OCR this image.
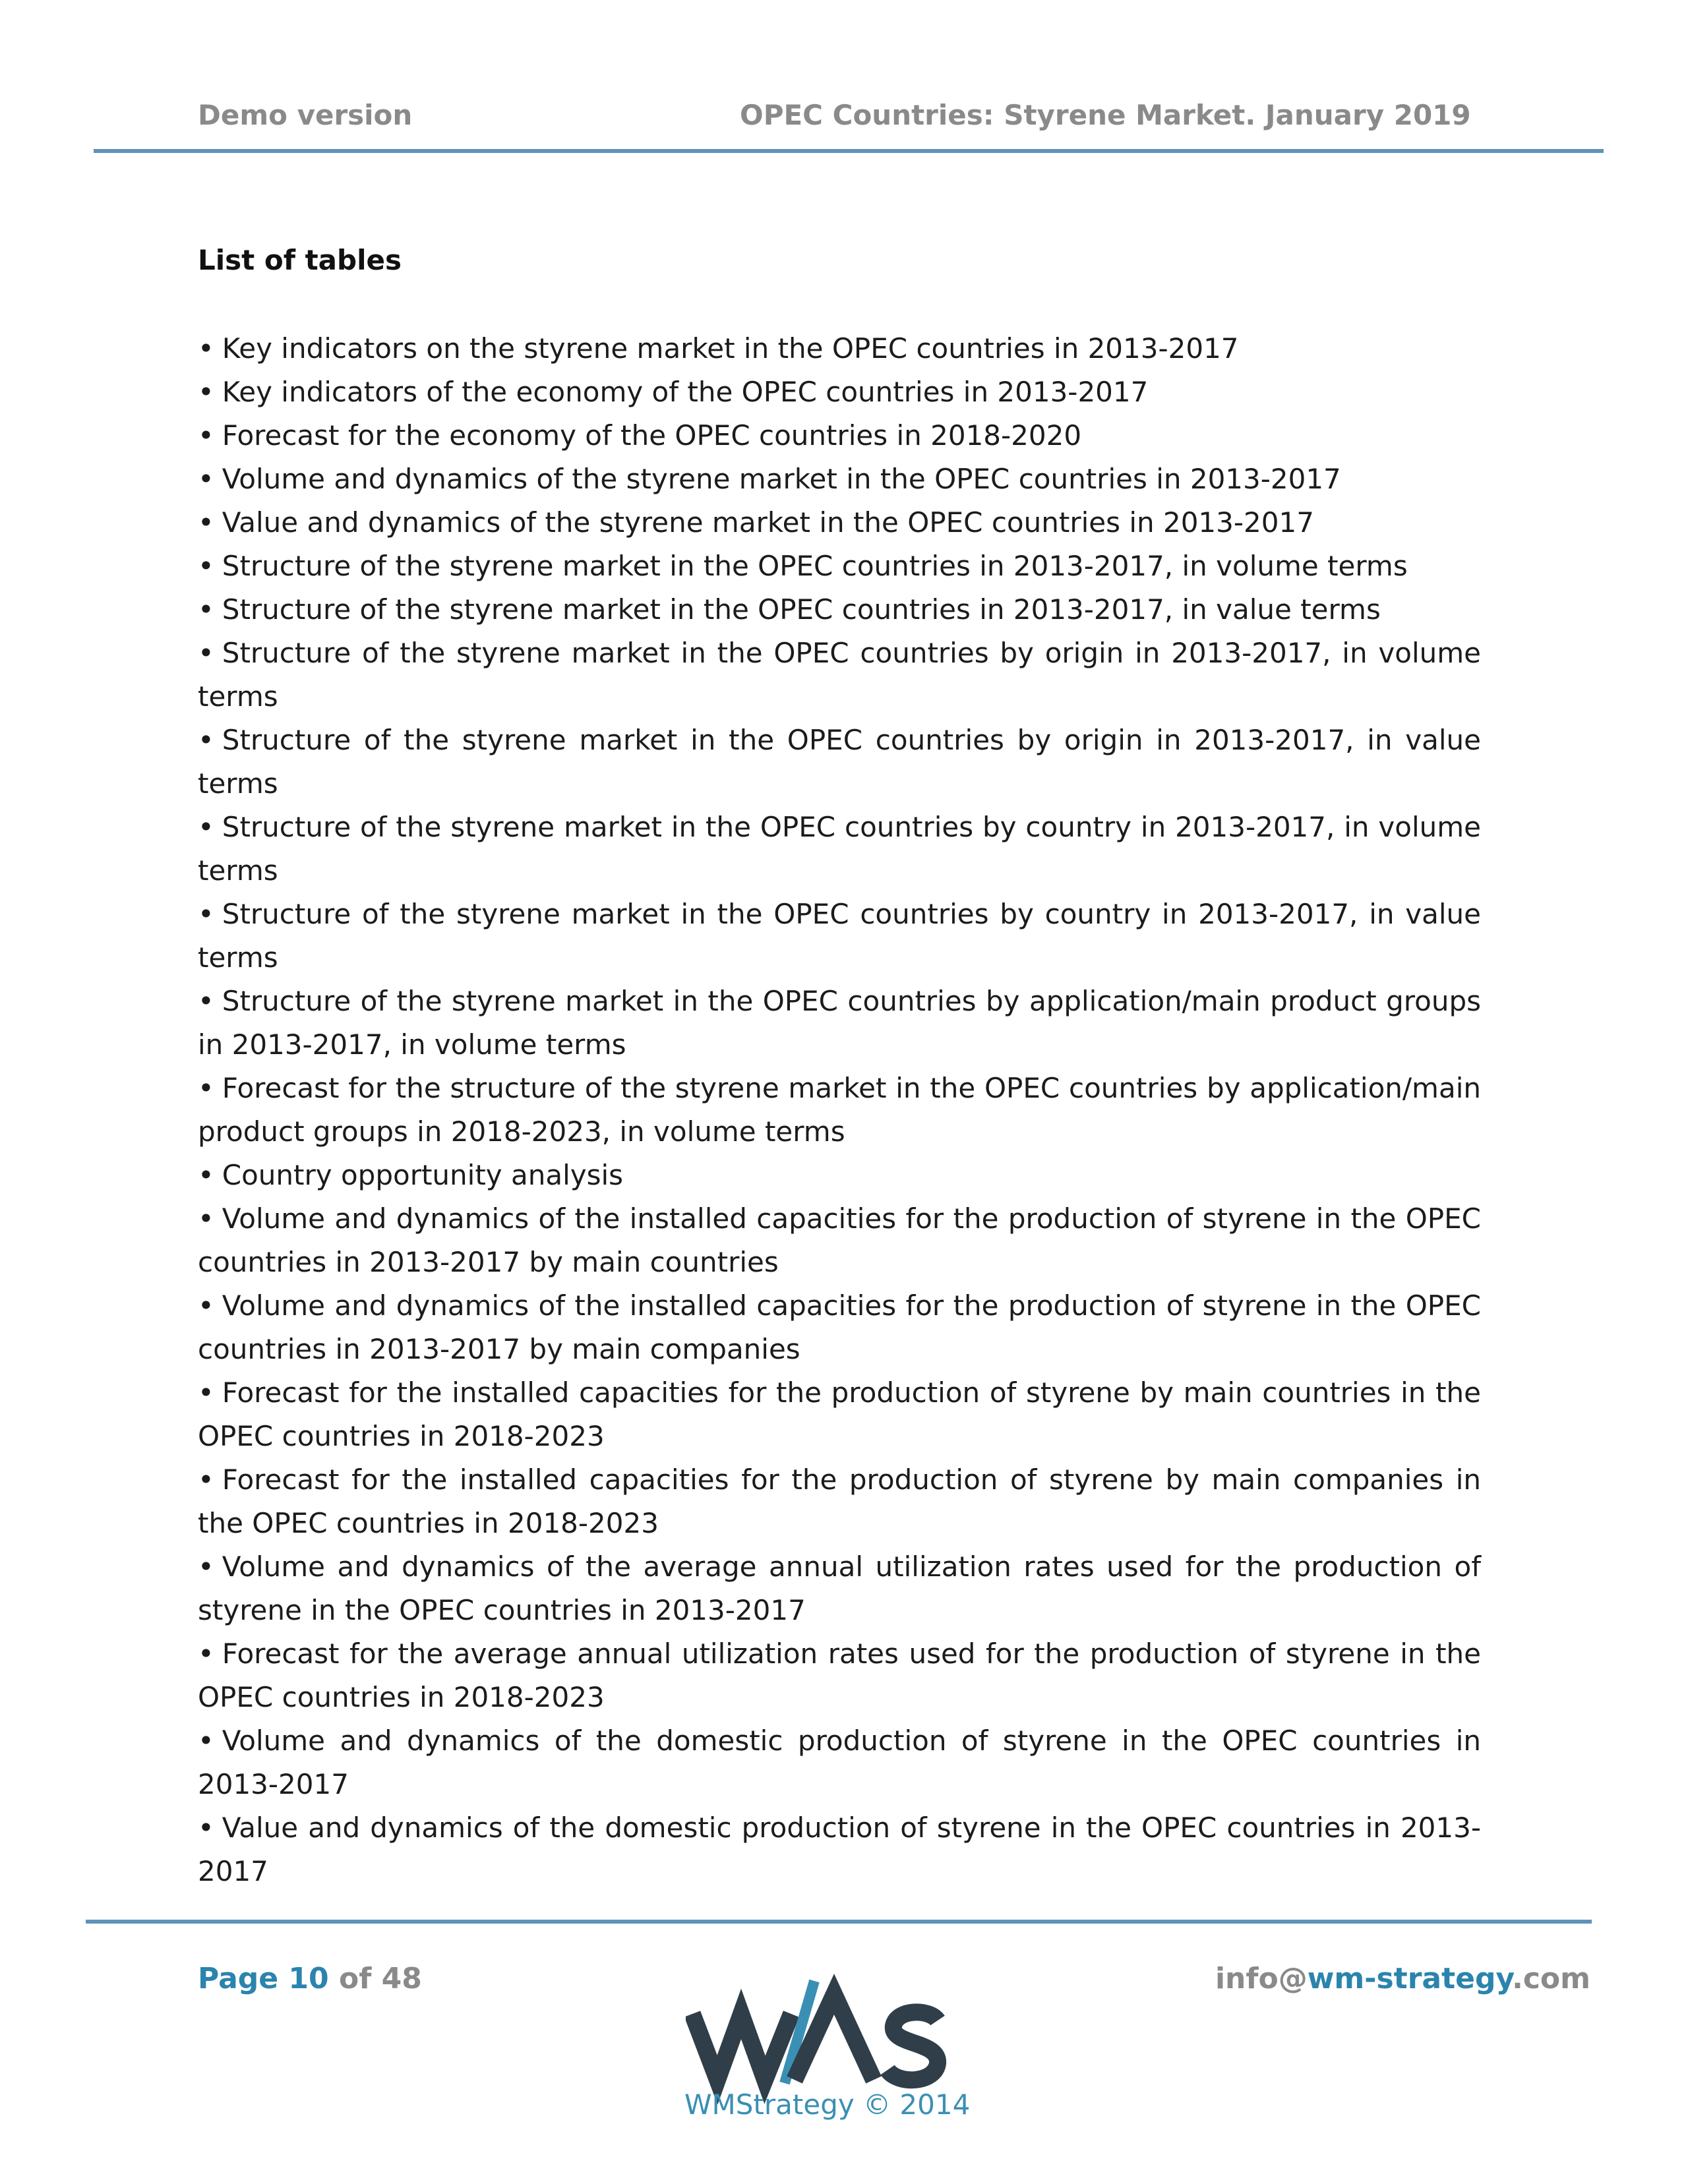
Demo version	OPEC Countries: Styrene Market. January 2019
List of tables
• Key indicators on the styrene market in the OPEC countries in 2013-2017
• Key indicators of the economy of the OPEC countries in 2013-2017
• Forecast for the economy of the OPEC countries in 2018-2020
• Volume and dynamics of the styrene market in the OPEC countries in 2013-2017
• Value and dynamics of the styrene market in the OPEC countries in 2013-2017
• Structure of the styrene market in the OPEC countries in 2013-2017, in volume terms
• Structure of the styrene market in the OPEC countries in 2013-2017, in value terms
• Structure of the styrene market in the OPEC countries by origin in 2013-2017, in volume terms
• Structure of the styrene market in the OPEC countries by origin in 2013-2017, in value terms
• Structure of the styrene market in the OPEC countries by country in 2013-2017, in volume terms
• Structure of the styrene market in the OPEC countries by country in 2013-2017, in value terms
• Structure of the styrene market in the OPEC countries by application/main product groups in 2013-2017, in volume terms
• Forecast for the structure of the styrene market in the OPEC countries by application/main product groups in 2018-2023, in volume terms
• Country opportunity analysis
• Volume and dynamics of the installed capacities for the production of styrene in the OPEC countries in 2013-2017 by main countries
• Volume and dynamics of the installed capacities for the production of styrene in the OPEC countries in 2013-2017 by main companies
• Forecast for the installed capacities for the production of styrene by main countries in the OPEC countries in 2018-2023
• Forecast for the installed capacities for the production of styrene by main companies in the OPEC countries in 2018-2023
• Volume and dynamics of the average annual utilization rates used for the production of styrene in the OPEC countries in 2013-2017
• Forecast for the average annual utilization rates used for the production of styrene in the OPEC countries in 2018-2023
• Volume and dynamics of the domestic production of styrene in the OPEC countries in 2013-2017
• Value and dynamics of the domestic production of styrene in the OPEC countries in 2013-2017
Page 10 of 48	info@wm-strategy.com
WMStrategy © 2014
